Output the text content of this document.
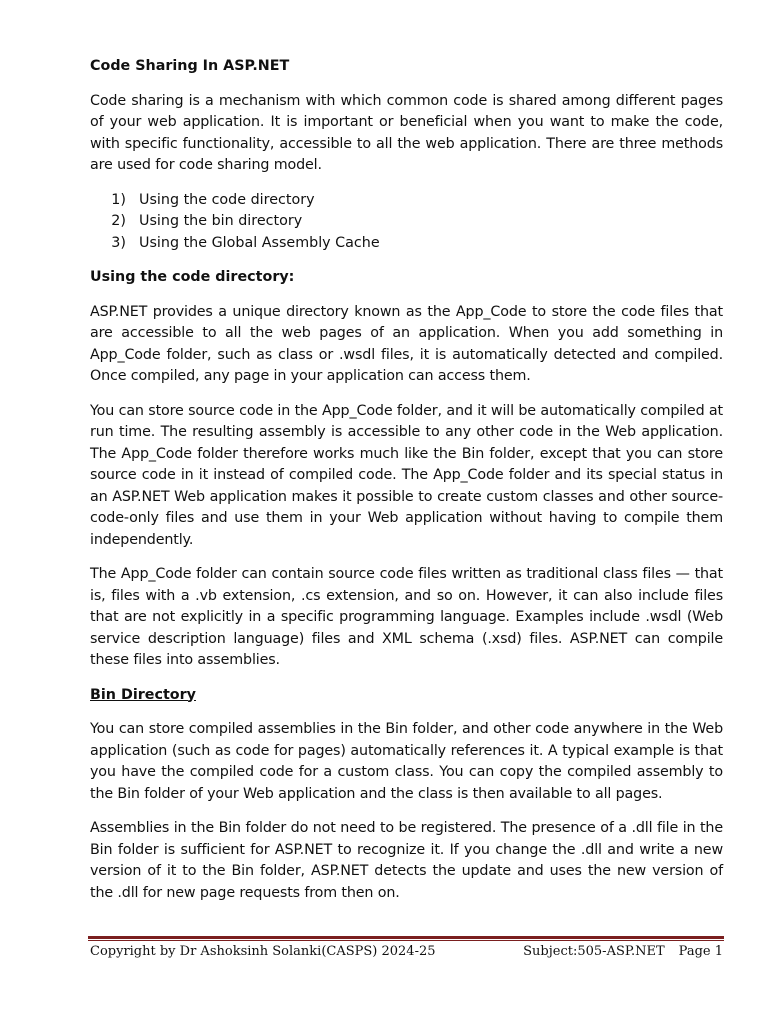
Code Sharing In ASP.NET

Code sharing is a mechanism with which common code is shared among different pages of your web application. It is important or beneficial when you want to make the code, with specific functionality, accessible to all the web application. There are three methods are used for code sharing model.

1. Using the code directory
2. Using the bin directory
3. Using the Global Assembly Cache
Using the code directory:

ASP.NET provides a unique directory known as the App_Code to store the code files that are accessible to all the web pages of an application. When you add something in App_Code folder, such as class or .wsdl files, it is automatically detected and compiled. Once compiled, any page in your application can access them.

You can store source code in the App_Code folder, and it will be automatically compiled at run time. The resulting assembly is accessible to any other code in the Web application. The App_Code folder therefore works much like the Bin folder, except that you can store source code in it instead of compiled code. The App_Code folder and its special status in an ASP.NET Web application makes it possible to create custom classes and other source-code-only files and use them in your Web application without having to compile them independently.

The App_Code folder can contain source code files written as traditional class files — that is, files with a .vb extension, .cs extension, and so on. However, it can also include files that are not explicitly in a specific programming language. Examples include .wsdl (Web service description language) files and XML schema (.xsd) files. ASP.NET can compile these files into assemblies.

Bin Directory

You can store compiled assemblies in the Bin folder, and other code anywhere in the Web application (such as code for pages) automatically references it. A typical example is that you have the compiled code for a custom class. You can copy the compiled assembly to the Bin folder of your Web application and the class is then available to all pages.

Assemblies in the Bin folder do not need to be registered. The presence of a .dll file in the Bin folder is sufficient for ASP.NET to recognize it. If you change the .dll and write a new version of it to the Bin folder, ASP.NET detects the update and uses the new version of the .dll for new page requests from then on.

Copyright by Dr Ashoksinh Solanki(CASPS) 2024-25	Subject:505-ASP.NET Page 1
